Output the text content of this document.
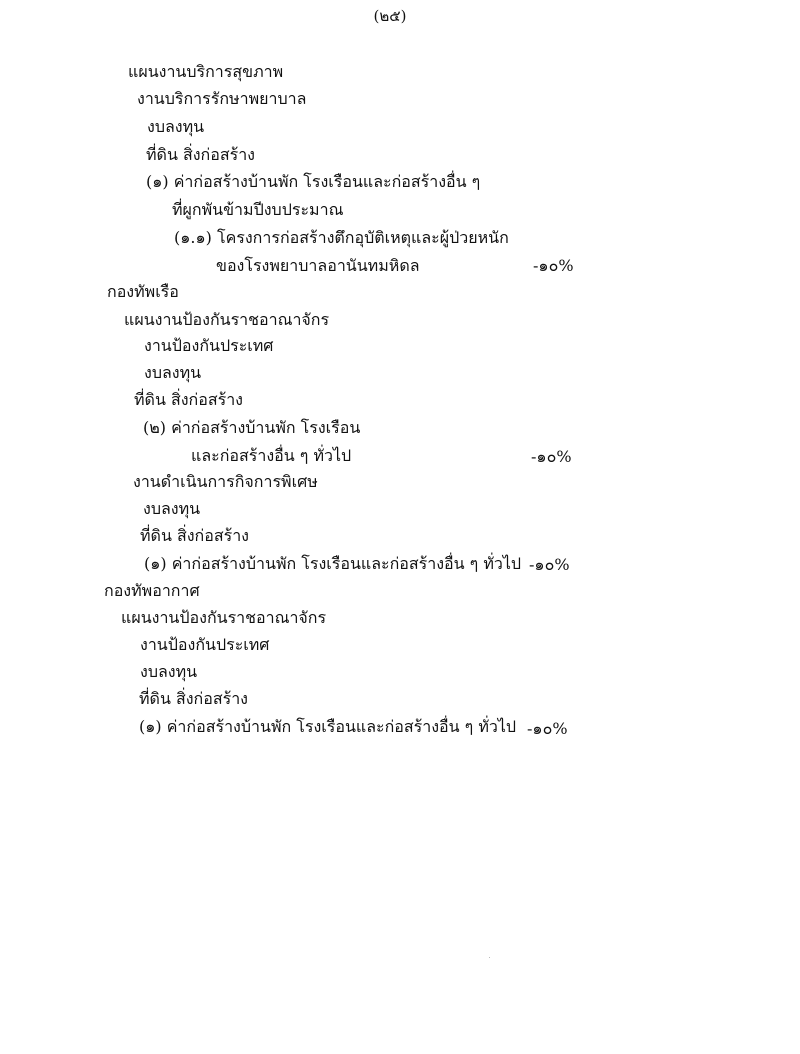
(๒๕)
แผนงานบริการสุขภาพ
งานบริการรักษาพยาบาล
งบลงทุน
ที่ดิน สิ่งก่อสร้าง
(๑) ค่าก่อสร้างบ้านพัก โรงเรือนและก่อสร้างอื่น ๆ
ที่ผูกพันข้ามปีงบประมาณ
(๑.๑) โครงการก่อสร้างตึกอุบัติเหตุและผู้ป่วยหนัก
ของโรงพยาบาลอานันทมหิดล	-๑๐%
กองทัพเรือ
แผนงานป้องกันราชอาณาจักร
งานป้องกันประเทศ
งบลงทุน
ที่ดิน สิ่งก่อสร้าง
(๒) ค่าก่อสร้างบ้านพัก โรงเรือน
และก่อสร้างอื่น ๆ ทั่วไป	-๑๐%
งานดำเนินการกิจการพิเศษ
งบลงทุน
ที่ดิน สิ่งก่อสร้าง
(๑) ค่าก่อสร้างบ้านพัก โรงเรือนและก่อสร้างอื่น ๆ ทั่วไป -๑๐%
กองทัพอากาศ
แผนงานป้องกันราชอาณาจักร
งานป้องกันประเทศ
งบลงทุน
ที่ดิน สิ่งก่อสร้าง
(๑) ค่าก่อสร้างบ้านพัก โรงเรือนและก่อสร้างอื่น ๆ ทั่วไป -๑๐%
